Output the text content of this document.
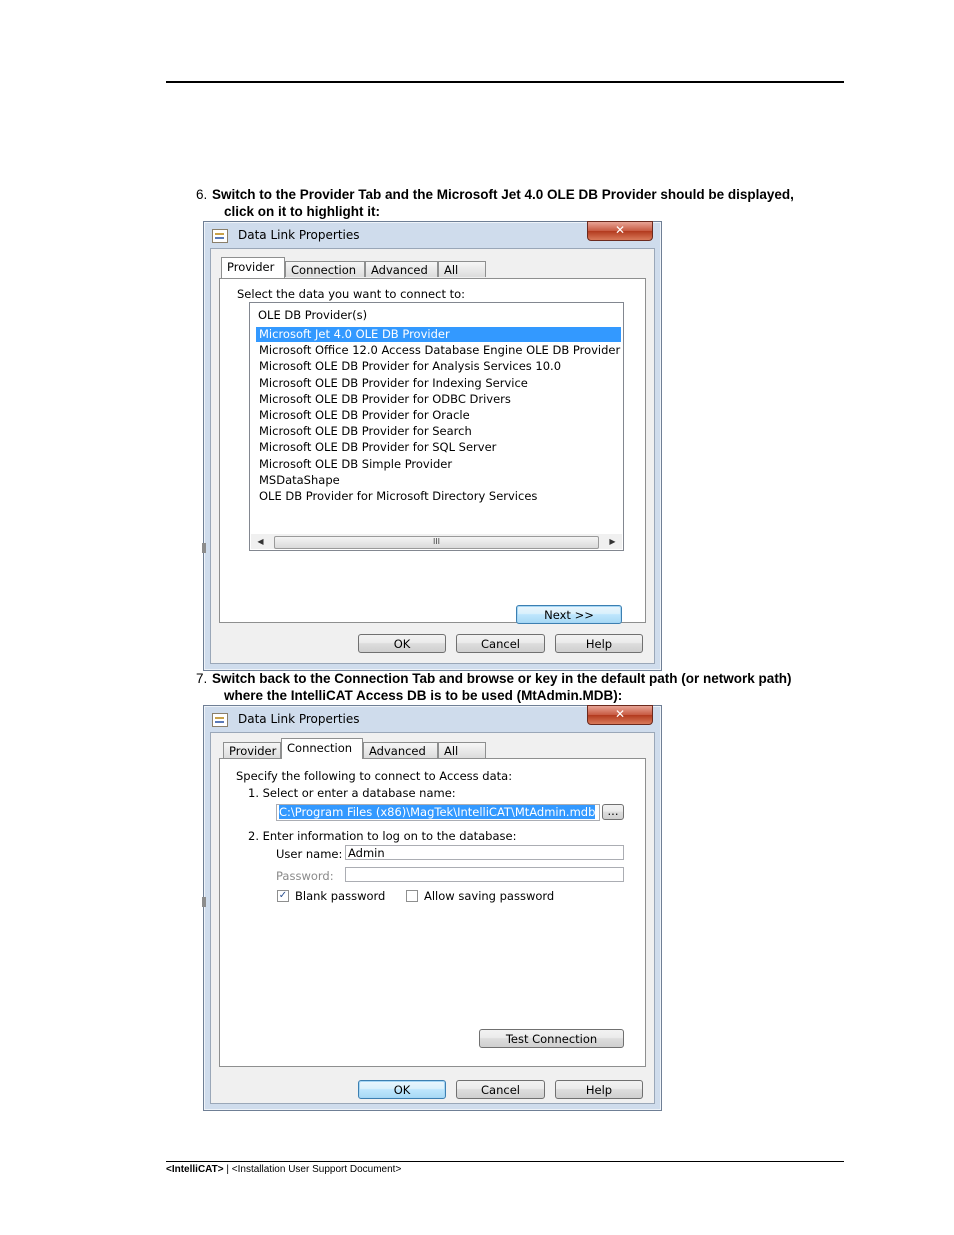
6. Switch to the Provider Tab and the Microsoft Jet 4.0 OLE DB Provider should be displayed,
click on it to highlight it:
Data Link Properties	✕
Provider	Connection	Advanced	All
Select the data you want to connect to:
OLE DB Provider(s)
Microsoft Jet 4.0 OLE DB Provider
Microsoft Office 12.0 Access Database Engine OLE DB Provider
Microsoft OLE DB Provider for Analysis Services 10.0
Microsoft OLE DB Provider for Indexing Service
Microsoft OLE DB Provider for ODBC Drivers
Microsoft OLE DB Provider for Oracle
Microsoft OLE DB Provider for Search
Microsoft OLE DB Provider for SQL Server
Microsoft OLE DB Simple Provider
MSDataShape
OLE DB Provider for Microsoft Directory Services
◀	III	▶
Next >>
OK	Cancel	Help
7. Switch back to the Connection Tab and browse or key in the default path (or network path)
where the IntelliCAT Access DB is to be used (MtAdmin.MDB):
Data Link Properties	✕
Provider Connection	Advanced	All
Specify the following to connect to Access data:
1. Select or enter a database name:
C:\Program Files (x86)\MagTek\IntelliCAT\MtAdmin.mdb	...
2. Enter information to log on to the database:
User name: Admin
Password:
✓ Blank password	Allow saving password
Test Connection
OK	Cancel	Help
<IntelliCAT> | <Installation User Support Document>
